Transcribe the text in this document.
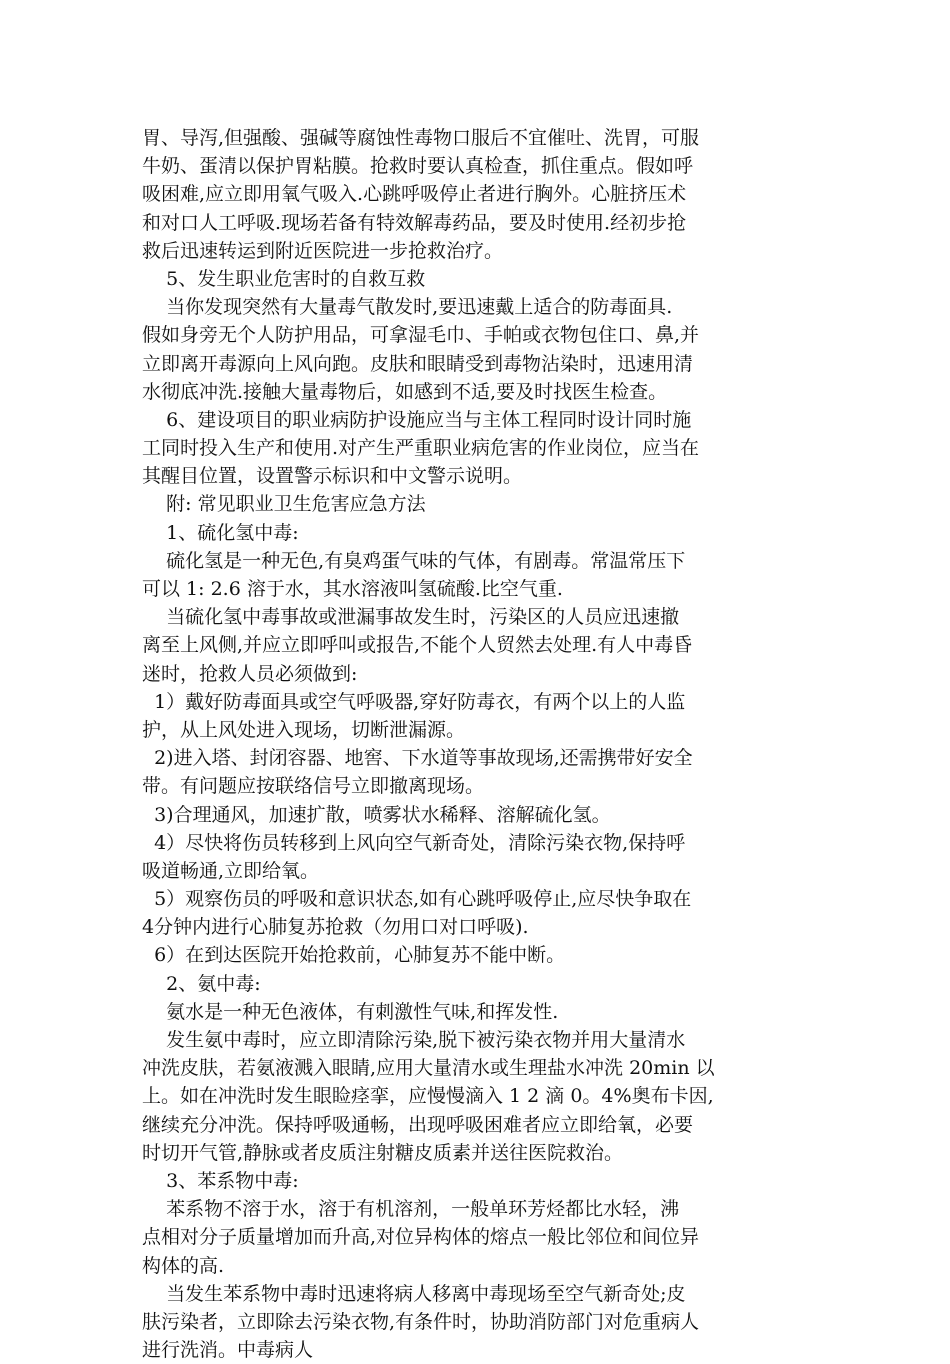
胃、导泻,但强酸、强碱等腐蚀性毒物口服后不宜催吐、洗胃，可服
牛奶、蛋清以保护胃粘膜。抢救时要认真检查，抓住重点。假如呼
吸困难,应立即用氧气吸入.心跳呼吸停止者进行胸外。心脏挤压术
和对口人工呼吸.现场若备有特效解毒药品，要及时使用.经初步抢
救后迅速转运到附近医院进一步抢救治疗。
5、发生职业危害时的自救互救
当你发现突然有大量毒气散发时,要迅速戴上适合的防毒面具.
假如身旁无个人防护用品，可拿湿毛巾、手帕或衣物包住口、鼻,并
立即离开毒源向上风向跑。皮肤和眼睛受到毒物沾染时，迅速用清
水彻底冲洗.接触大量毒物后，如感到不适,要及时找医生检查。
6、建设项目的职业病防护设施应当与主体工程同时设计同时施
工同时投入生产和使用.对产生严重职业病危害的作业岗位，应当在
其醒目位置，设置警示标识和中文警示说明。
附: 常见职业卫生危害应急方法
1、硫化氢中毒:
硫化氢是一种无色,有臭鸡蛋气味的气体，有剧毒。常温常压下
可以 1: 2.6 溶于水，其水溶液叫氢硫酸.比空气重.
当硫化氢中毒事故或泄漏事故发生时，污染区的人员应迅速撤
离至上风侧,并应立即呼叫或报告,不能个人贸然去处理.有人中毒昏
迷时，抢救人员必须做到:
1）戴好防毒面具或空气呼吸器,穿好防毒衣，有两个以上的人监
护，从上风处进入现场，切断泄漏源。
2)进入塔、封闭容器、地窖、下水道等事故现场,还需携带好安全
带。有问题应按联络信号立即撤离现场。
3)合理通风，加速扩散，喷雾状水稀释、溶解硫化氢。
4）尽快将伤员转移到上风向空气新奇处，清除污染衣物,保持呼
吸道畅通,立即给氧。
5）观察伤员的呼吸和意识状态,如有心跳呼吸停止,应尽快争取在
4分钟内进行心肺复苏抢救（勿用口对口呼吸).
6）在到达医院开始抢救前，心肺复苏不能中断。
2、氨中毒:
氨水是一种无色液体，有刺激性气味,和挥发性.
发生氨中毒时，应立即清除污染,脱下被污染衣物并用大量清水
冲洗皮肤，若氨液溅入眼睛,应用大量清水或生理盐水冲洗 20min 以
上。如在冲洗时发生眼睑痉挛，应慢慢滴入 1 2 滴 0。4%奥布卡因,
继续充分冲洗。保持呼吸通畅，出现呼吸困难者应立即给氧，必要
时切开气管,静脉或者皮质注射糖皮质素并送往医院救治。
3、苯系物中毒:
苯系物不溶于水，溶于有机溶剂，一般单环芳烃都比水轻，沸
点相对分子质量增加而升高,对位异构体的熔点一般比邻位和间位异
构体的高.
当发生苯系物中毒时迅速将病人移离中毒现场至空气新奇处;皮
肤污染者，立即除去污染衣物,有条件时，协助消防部门对危重病人
进行洗消。中毒病人
